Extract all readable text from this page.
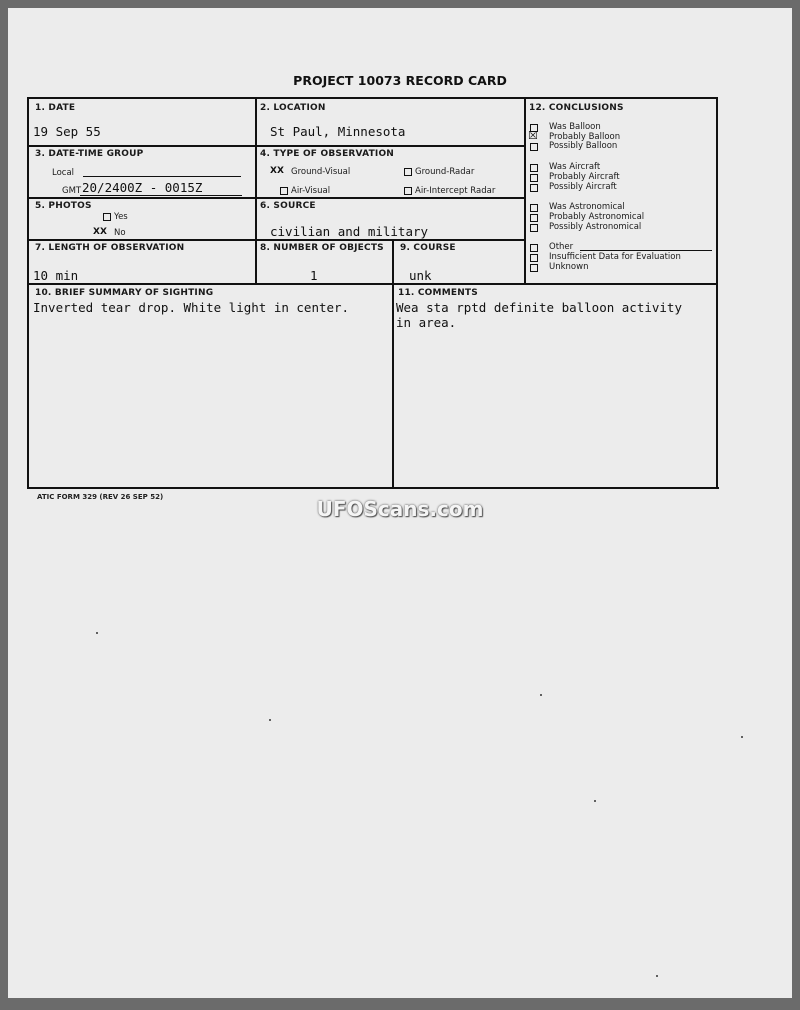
PROJECT 10073 RECORD CARD
1. DATE
19 Sep 55
2. LOCATION
St Paul, Minnesota
3. DATE-TIME GROUP
Local
GMT 20/2400Z - 0015Z
4. TYPE OF OBSERVATION
XX Ground-Visual	Ground-Radar
Air-Visual	Air-Intercept Radar
5. PHOTOS
Yes
XX No
6. SOURCE
civilian and military
7. LENGTH OF OBSERVATION
10 min
8. NUMBER OF OBJECTS
1
9. COURSE
unk
10. BRIEF SUMMARY OF SIGHTING
Inverted tear drop. White light in center.
11. COMMENTS
Wea sta rptd definite balloon activity
in area.
12. CONCLUSIONS
Was Balloon
☒ Probably Balloon
Possibly Balloon
Was Aircraft
Probably Aircraft
Possibly Aircraft
Was Astronomical
Probably Astronomical
Possibly Astronomical
Other
Insufficient Data for Evaluation
Unknown
ATIC FORM 329 (REV 26 SEP 52)	UFOScans.com
